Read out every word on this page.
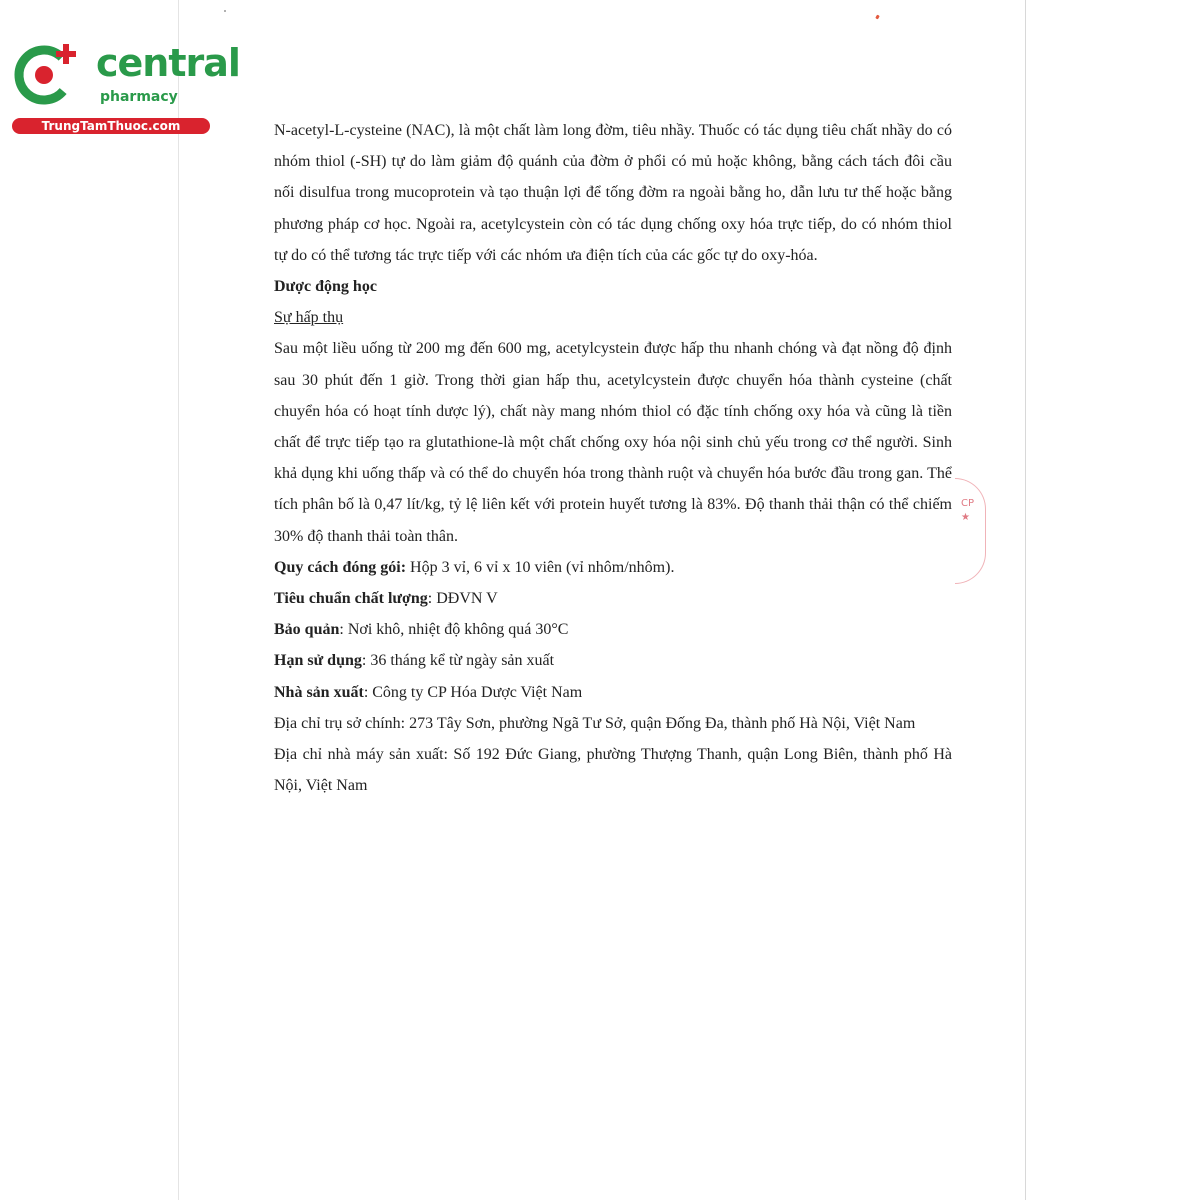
central
pharmacy
TrungTamThuoc.com	N-acetyl-L-cysteine (NAC), là một chất làm long đờm, tiêu nhầy. Thuốc có tác dụng tiêu chất nhầy do có nhóm thiol (-SH) tự do làm giảm độ quánh của đờm ở phổi có mủ hoặc không, bằng cách tách đôi cầu nối disulfua trong mucoprotein và tạo thuận lợi để tống đờm ra ngoài bằng ho, dẫn lưu tư thế hoặc bằng phương pháp cơ học. Ngoài ra, acetylcystein còn có tác dụng chống oxy hóa trực tiếp, do có nhóm thiol tự do có thể tương tác trực tiếp với các nhóm ưa điện tích của các gốc tự do oxy-hóa.

Dược động học

Sự hấp thụ

Sau một liều uống từ 200 mg đến 600 mg, acetylcystein được hấp thu nhanh chóng và đạt nồng độ định sau 30 phút đến 1 giờ. Trong thời gian hấp thu, acetylcystein được chuyển hóa thành cysteine (chất chuyển hóa có hoạt tính dược lý), chất này mang nhóm thiol có đặc tính chống oxy hóa và cũng là tiền chất để trực tiếp tạo ra glutathione-là một chất chống oxy hóa nội sinh chủ yếu trong cơ thể người. Sinh khả dụng khi uống thấp và có thể do chuyển hóa trong thành ruột và chuyển hóa bước đầu trong gan. Thể tích phân bố là 0,47 lít/kg, tỷ lệ liên kết với protein huyết tương là 83%. Độ thanh thải thận có thể chiếm 30% độ thanh thải toàn thân.

Quy cách đóng gói: Hộp 3 vỉ, 6 vỉ x 10 viên (vỉ nhôm/nhôm).

Tiêu chuẩn chất lượng: DĐVN V

Bảo quản: Nơi khô, nhiệt độ không quá 30°C

Hạn sử dụng: 36 tháng kể từ ngày sản xuất

Nhà sản xuất: Công ty CP Hóa Dược Việt Nam

Địa chỉ trụ sở chính: 273 Tây Sơn, phường Ngã Tư Sở, quận Đống Đa, thành phố Hà Nội, Việt Nam

Địa chỉ nhà máy sản xuất: Số 192 Đức Giang, phường Thượng Thanh, quận Long Biên, thành phố Hà Nội, Việt Nam

CP ★
